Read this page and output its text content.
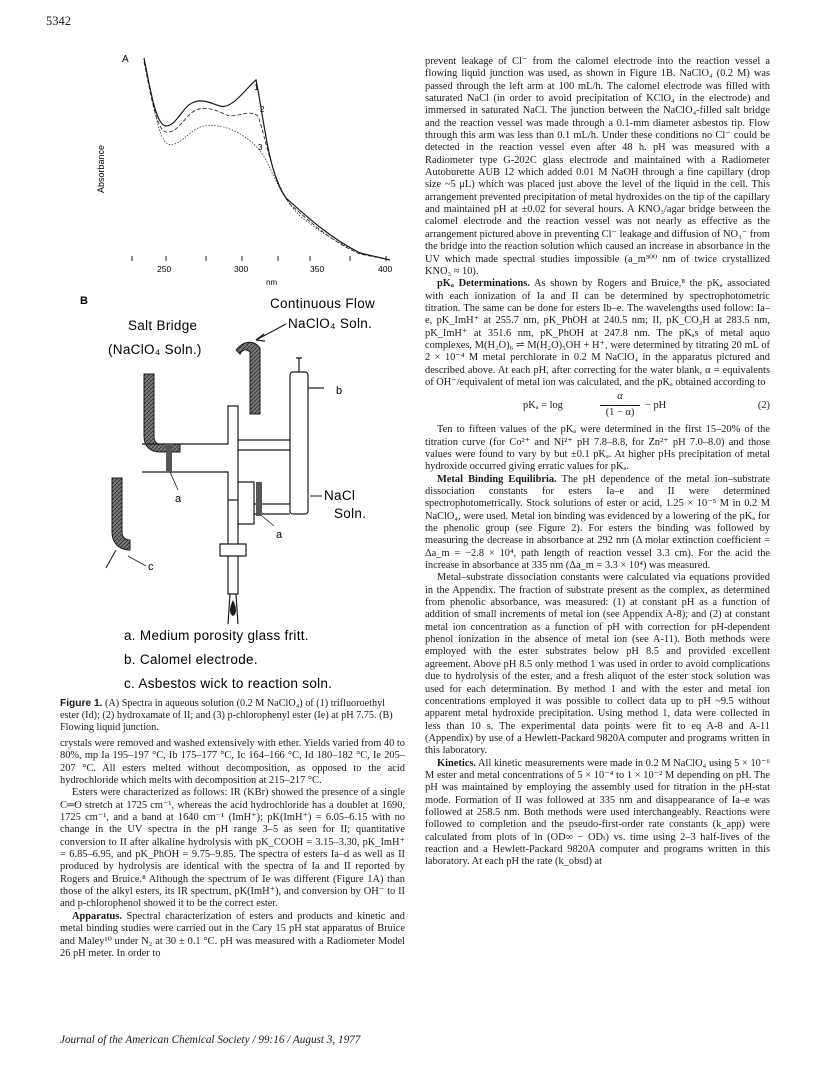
5342
A
Absorbance
1
2
3
250	300	350	400
nm
B	Continuous Flow
NaClO₄ Soln.
Salt Bridge
(NaClO₄ Soln.)
c
a
a
b
NaCl
Soln.
a. Medium porosity glass fritt.
b. Calomel electrode.
c. Asbestos wick to reaction soln.
Figure 1. (A) Spectra in aqueous solution (0.2 M NaClO₄) of (1) trifluoroethyl ester (Id); (2) hydroxamate of II; and (3) p-chlorophenyl ester (Ie) at pH 7.75. (B) Flowing liquid junction.

crystals were removed and washed extensively with ether. Yields varied from 40 to 80%, mp Ia 195–197 °C, Ib 175–177 °C, Ic 164–166 °C, Id 180–182 °C, Ie 205–207 °C. All esters melted without decomposition, as opposed to the acid hydrochloride which melts with decomposition at 215–217 °C.

Esters were characterized as follows: IR (KBr) showed the presence of a single C═O stretch at 1725 cm⁻¹, whereas the acid hydrochloride has a doublet at 1690, 1725 cm⁻¹, and a band at 1640 cm⁻¹ (ImH⁺); pK(ImH⁺) = 6.05–6.15 with no change in the UV spectra in the pH range 3–5 as seen for II; quantitative conversion to II after alkaline hydrolysis with pK_COOH = 3.15–3.30, pK_ImH⁺ = 6.85–6.95, and pK_PhOH = 9.75–9.85. The spectra of esters Ia–d as well as II produced by hydrolysis are identical with the spectra of Ia and II reported by Rogers and Bruice.⁸ Although the spectrum of Ie was different (Figure 1A) than those of the alkyl esters, its IR spectrum, pK(ImH⁺), and conversion by OH⁻ to II and p-chlorophenol showed it to be the correct ester.

Apparatus. Spectral characterization of esters and products and kinetic and metal binding studies were carried out in the Cary 15 pH stat apparatus of Bruice and Maley¹⁰ under N₂ at 30 ± 0.1 °C. pH was measured with a Radiometer Model 26 pH meter. In order to

prevent leakage of Cl⁻ from the calomel electrode into the reaction vessel a flowing liquid junction was used, as shown in Figure 1B. NaClO₄ (0.2 M) was passed through the left arm at 100 mL/h. The calomel electrode was filled with saturated NaCl (in order to avoid precipitation of KClO₄ in the electrode) and immersed in saturated NaCl. The junction between the NaClO₄-filled salt bridge and the reaction vessel was made through a 0.1-mm diameter asbestos tip. Flow through this arm was less than 0.1 mL/h. Under these conditions no Cl⁻ could be detected in the reaction vessel even after 48 h. pH was measured with a Radiometer type G-202C glass electrode and maintained with a Radiometer Autoburette AUB 12 which added 0.01 M NaOH through a fine capillary (drop size ~5 μL) which was placed just above the level of the liquid in the cell. This arrangement prevented precipitation of metal hydroxides on the tip of the capillary and maintained pH at ±0.02 for several hours. A KNO₃/agar bridge between the calomel electrode and the reaction vessel was not nearly as effective as the arrangement pictured above in preventing Cl⁻ leakage and diffusion of NO₃⁻ from the bridge into the reaction solution which caused an increase in absorbance in the UV which made spectral studies impossible (a_m³⁰⁰ nm of twice crystallized KNO₃ ≈ 10).

pKₐ Determinations. As shown by Rogers and Bruice,⁸ the pKₐ associated with each ionization of Ia and II can be determined by spectrophotometric titration. The same can be done for esters Ib–e. The wavelengths used follow: Ia–e, pK_ImH⁺ at 255.7 nm, pK_PhOH at 240.5 nm; II, pK_CO₂H at 283.5 nm, pK_ImH⁺ at 351.6 nm, pK_PhOH at 247.8 nm. The pKₐs of metal aquo complexes, M(H₂O)₆ ⇌ M(H₂O)₅OH + H⁺, were determined by titrating 20 mL of 2 × 10⁻⁴ M metal perchlorate in 0.2 M NaClO₄ in the apparatus pictured and described above. At each pH, after correcting for the water blank, α = equivalents of OH⁻/equivalent of metal ion was calculated, and the pKₐ obtained according to

pKₐ = log
α
(1 − α)
− pH	(2)

Ten to fifteen values of the pKₐ were determined in the first 15–20% of the titration curve (for Co²⁺ and Ni²⁺ pH 7.8–8.8, for Zn²⁺ pH 7.0–8.0) and those values were found to vary by but ±0.1 pKₐ. At higher pHs precipitation of metal hydroxide occurred giving erratic values for pKₐ.

Metal Binding Equilibria. The pH dependence of the metal ion–substrate dissociation constants for esters Ia–e and II were determined spectrophotometrically. Stock solutions of ester or acid, 1.25 × 10⁻⁵ M in 0.2 M NaClO₄, were used. Metal ion binding was evidenced by a lowering of the pKₐ for the phenolic group (see Figure 2). For esters the binding was followed by measuring the decrease in absorbance at 292 nm (Δ molar extinction coefficient = Δa_m = −2.8 × 10⁴, path length of reaction vessel 3.3 cm). For the acid the increase in absorbance at 335 nm (Δa_m = 3.3 × 10⁴) was measured.

Metal–substrate dissociation constants were calculated via equations provided in the Appendix. The fraction of substrate present as the complex, as determined from phenolic absorbance, was measured: (1) at constant pH as a function of addition of small increments of metal ion (see Appendix A-8); and (2) at constant metal ion concentration as a function of pH with correction for pH-dependent phenol ionization in the absence of metal ion (see A-11). Both methods were employed with the ester substrates below pH 8.5 and provided excellent agreement. Above pH 8.5 only method 1 was used in order to avoid complications due to hydrolysis of the ester, and a fresh aliquot of the ester stock solution was used for each determination. By method 1 and with the ester and metal ion concentrations employed it was possible to collect data up to pH ~9.5 without apparent metal hydroxide precipitation. Using method 1, data were collected in less than 10 s. The experimental data points were fit to eq A-8 and A-11 (Appendix) by use of a Hewlett-Packard 9820A computer and programs written in this laboratory.

Kinetics. All kinetic measurements were made in 0.2 M NaClO₄ using 5 × 10⁻⁶ M ester and metal concentrations of 5 × 10⁻⁴ to 1 × 10⁻² M depending on pH. The pH was maintained by employing the assembly used for titration in the pH-stat mode. Formation of II was followed at 335 nm and disappearance of Ia–e was followed at 258.5 nm. Both methods were used interchangeably. Reactions were followed to completion and the pseudo-first-order rate constants (k_app) were calculated from plots of ln (OD∞ − ODₜ) vs. time using 2–3 half-lives of the reaction and a Hewlett-Packard 9820A computer and programs written in this laboratory. At each pH the rate (k_obsd) at

Journal of the American Chemical Society / 99:16 / August 3, 1977
